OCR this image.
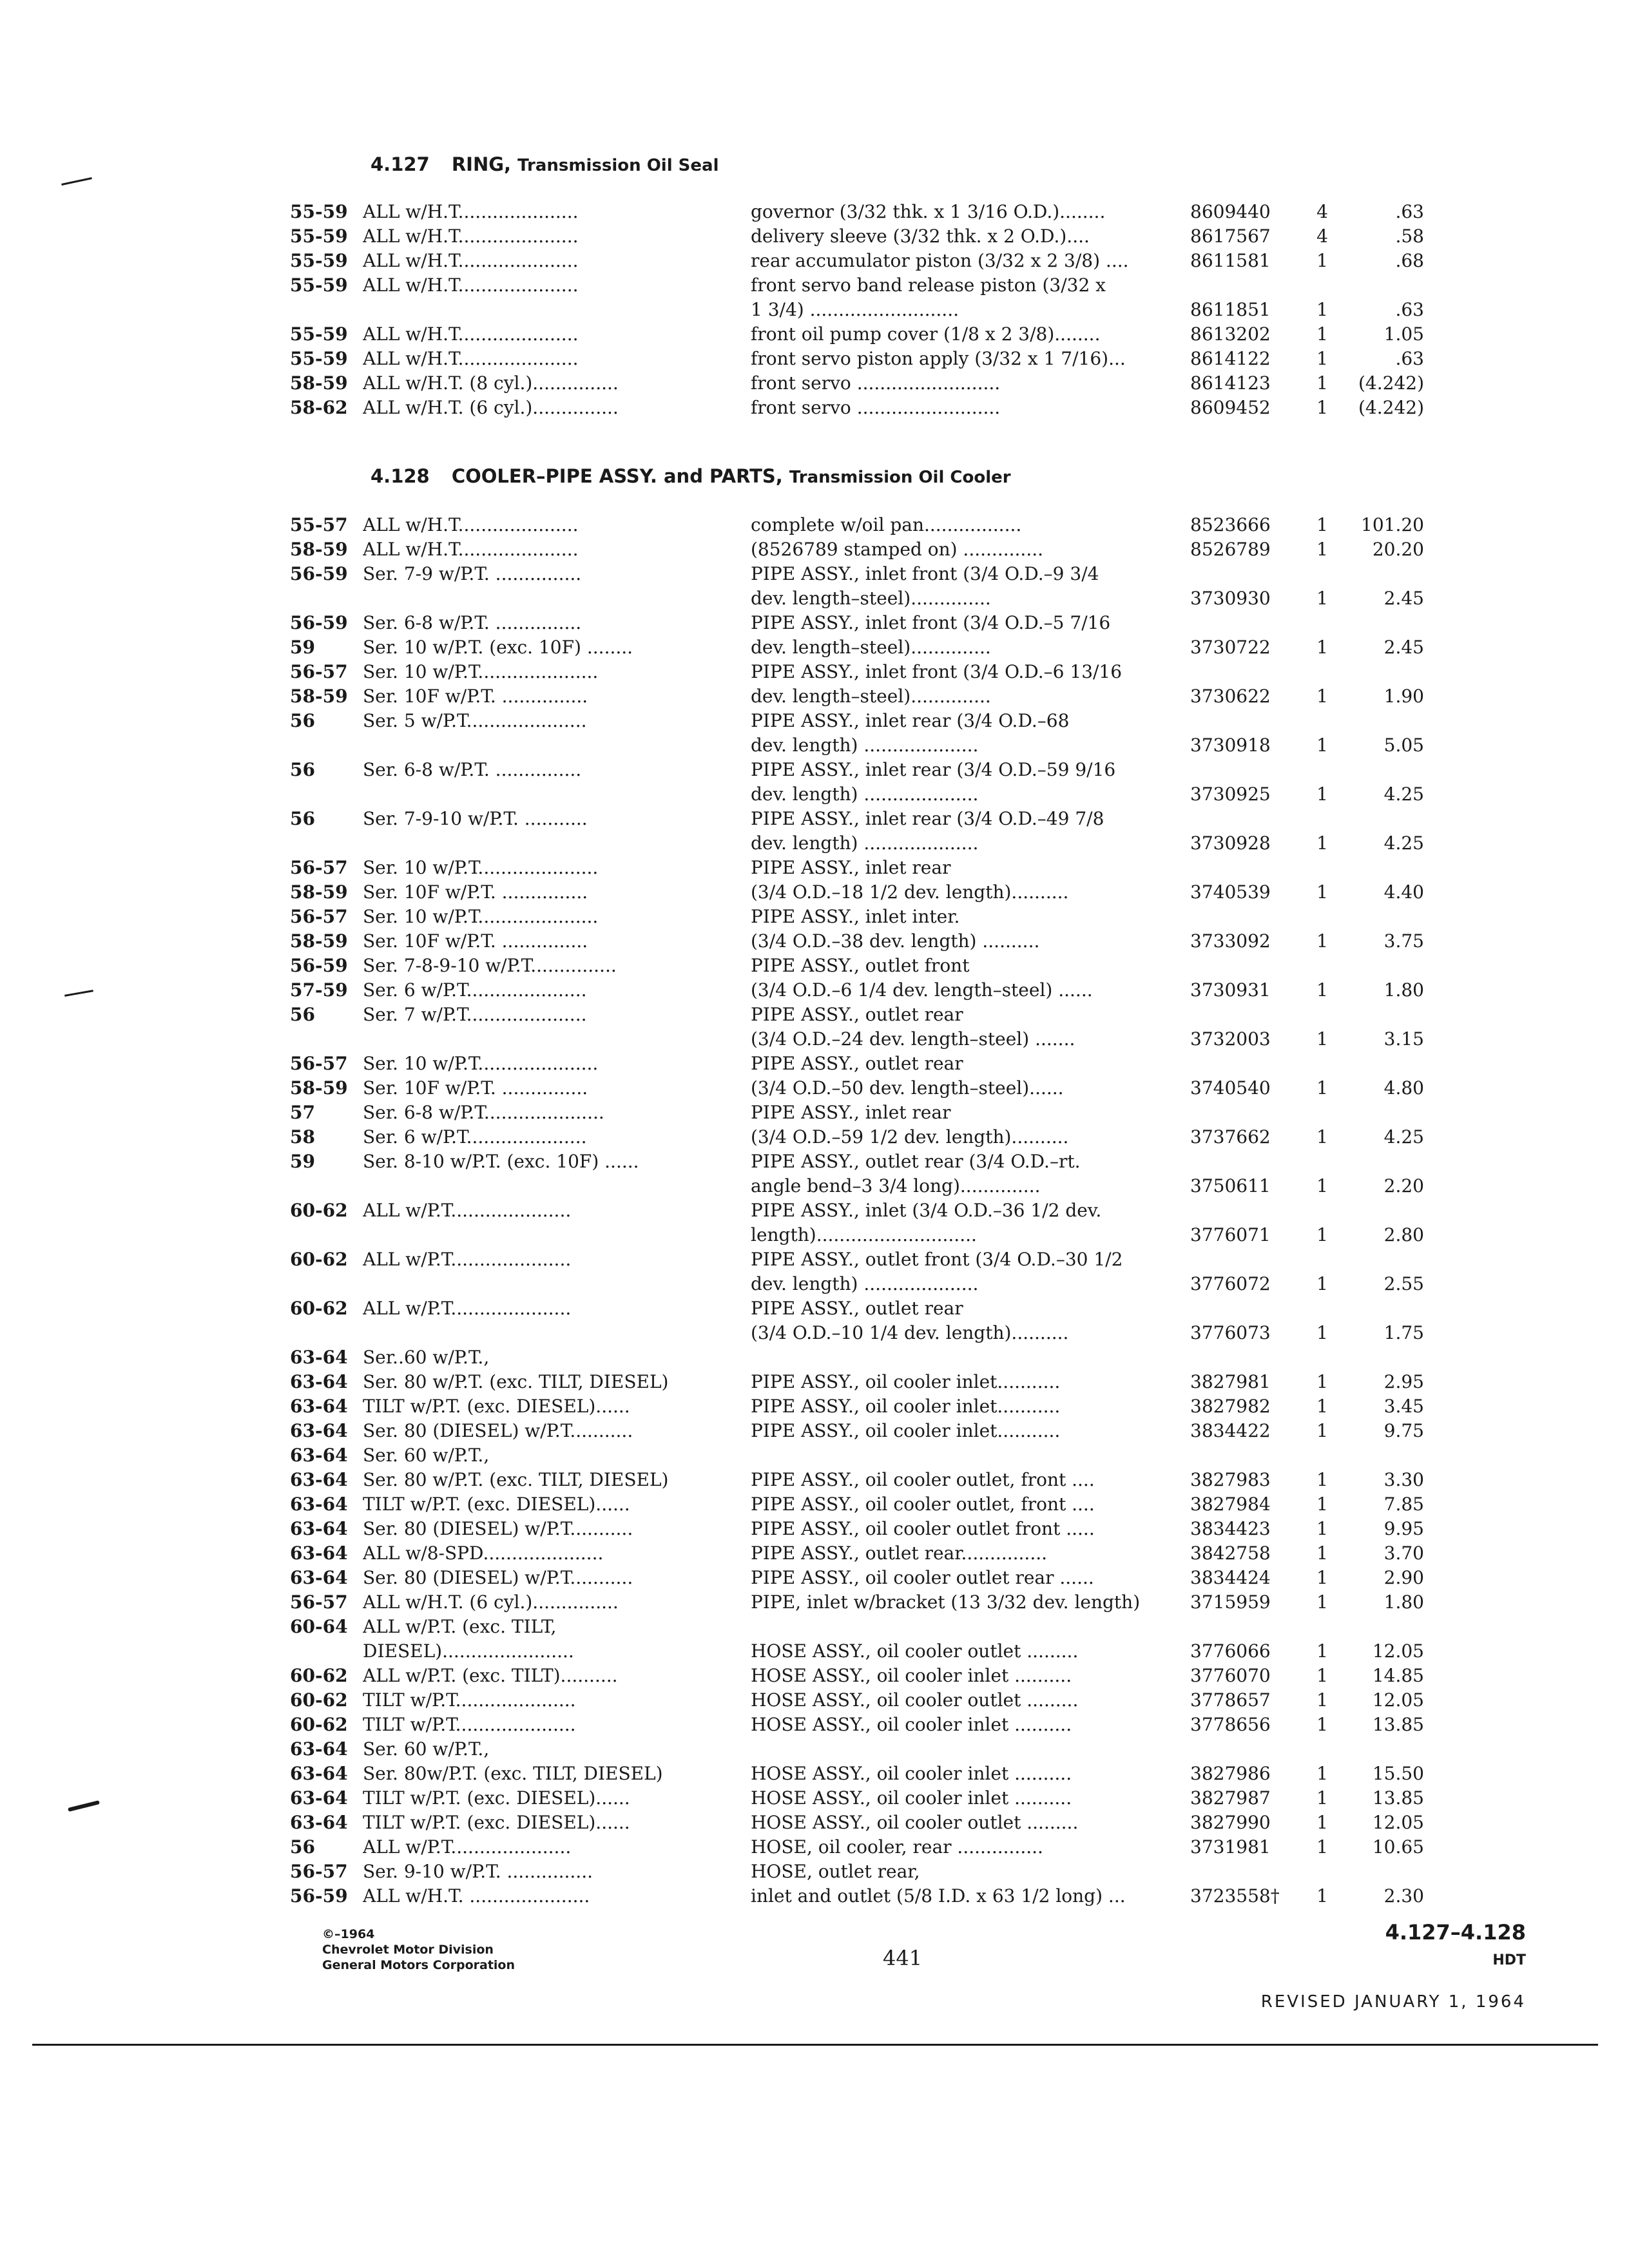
4.127 RING, Transmission Oil Seal
55-59 ALL w/H.T.....................	governor (3/32 thk. x 1 3/16 O.D.)........	8609440	4	.63
55-59 ALL w/H.T.....................	delivery sleeve (3/32 thk. x 2 O.D.)....	8617567	4	.58
55-59 ALL w/H.T.....................	rear accumulator piston (3/32 x 2 3/8) ....	8611581	1	.68
55-59 ALL w/H.T.....................	front servo band release piston (3/32 x
1 3/4) ..........................	8611851	1	.63
55-59 ALL w/H.T.....................	front oil pump cover (1/8 x 2 3/8)........	8613202	1	1.05
55-59 ALL w/H.T.....................	front servo piston apply (3/32 x 1 7/16)...	8614122	1	.63
58-59 ALL w/H.T. (8 cyl.)...............	front servo .........................	8614123	1	(4.242)
58-62 ALL w/H.T. (6 cyl.)...............	front servo .........................	8609452	1	(4.242)
4.128 COOLER–PIPE ASSY. and PARTS, Transmission Oil Cooler
55-57 ALL w/H.T.....................	complete w/oil pan.................	8523666	1	101.20
58-59 ALL w/H.T.....................	(8526789 stamped on) ..............	8526789	1	20.20
56-59 Ser. 7-9 w/P.T. ...............	PIPE ASSY., inlet front (3/4 O.D.–9 3/4
dev. length–steel)..............	3730930	1	2.45
56-59 Ser. 6-8 w/P.T. ...............	PIPE ASSY., inlet front (3/4 O.D.–5 7/16
59	Ser. 10 w/P.T. (exc. 10F) ........	dev. length–steel)..............	3730722	1	2.45
56-57 Ser. 10 w/P.T.....................	PIPE ASSY., inlet front (3/4 O.D.–6 13/16
58-59 Ser. 10F w/P.T. ...............	dev. length–steel)..............	3730622	1	1.90
56	Ser. 5 w/P.T.....................	PIPE ASSY., inlet rear (3/4 O.D.–68
dev. length) ....................	3730918	1	5.05
56	Ser. 6-8 w/P.T. ...............	PIPE ASSY., inlet rear (3/4 O.D.–59 9/16
dev. length) ....................	3730925	1	4.25
56	Ser. 7-9-10 w/P.T. ...........	PIPE ASSY., inlet rear (3/4 O.D.–49 7/8
dev. length) ....................	3730928	1	4.25
56-57 Ser. 10 w/P.T.....................	PIPE ASSY., inlet rear
58-59 Ser. 10F w/P.T. ...............	(3/4 O.D.–18 1/2 dev. length)..........	3740539	1	4.40
56-57 Ser. 10 w/P.T.....................	PIPE ASSY., inlet inter.
58-59 Ser. 10F w/P.T. ...............	(3/4 O.D.–38 dev. length) ..........	3733092	1	3.75
56-59 Ser. 7-8-9-10 w/P.T...............	PIPE ASSY., outlet front
57-59 Ser. 6 w/P.T.....................	(3/4 O.D.–6 1/4 dev. length–steel) ......	3730931	1	1.80
56	Ser. 7 w/P.T.....................	PIPE ASSY., outlet rear
(3/4 O.D.–24 dev. length–steel) .......	3732003	1	3.15
56-57 Ser. 10 w/P.T.....................	PIPE ASSY., outlet rear
58-59 Ser. 10F w/P.T. ...............	(3/4 O.D.–50 dev. length–steel)......	3740540	1	4.80
57	Ser. 6-8 w/P.T.....................	PIPE ASSY., inlet rear
58	Ser. 6 w/P.T.....................	(3/4 O.D.–59 1/2 dev. length)..........	3737662	1	4.25
59	Ser. 8-10 w/P.T. (exc. 10F) ......	PIPE ASSY., outlet rear (3/4 O.D.–rt.
angle bend–3 3/4 long)..............	3750611	1	2.20
60-62 ALL w/P.T.....................	PIPE ASSY., inlet (3/4 O.D.–36 1/2 dev.
length)............................	3776071	1	2.80
60-62 ALL w/P.T.....................	PIPE ASSY., outlet front (3/4 O.D.–30 1/2
dev. length) ....................	3776072	1	2.55
60-62 ALL w/P.T.....................	PIPE ASSY., outlet rear
(3/4 O.D.–10 1/4 dev. length)..........	3776073	1	1.75
63-64 Ser..60 w/P.T.,
63-64 Ser. 80 w/P.T. (exc. TILT, DIESEL)	PIPE ASSY., oil cooler inlet...........	3827981	1	2.95
63-64 TILT w/P.T. (exc. DIESEL)......	PIPE ASSY., oil cooler inlet...........	3827982	1	3.45
63-64 Ser. 80 (DIESEL) w/P.T...........	PIPE ASSY., oil cooler inlet...........	3834422	1	9.75
63-64 Ser. 60 w/P.T.,
63-64 Ser. 80 w/P.T. (exc. TILT, DIESEL)	PIPE ASSY., oil cooler outlet, front ....	3827983	1	3.30
63-64 TILT w/P.T. (exc. DIESEL)......	PIPE ASSY., oil cooler outlet, front ....	3827984	1	7.85
63-64 Ser. 80 (DIESEL) w/P.T...........	PIPE ASSY., oil cooler outlet front .....	3834423	1	9.95
63-64 ALL w/8-SPD.....................	PIPE ASSY., outlet rear...............	3842758	1	3.70
63-64 Ser. 80 (DIESEL) w/P.T...........	PIPE ASSY., oil cooler outlet rear ......	3834424	1	2.90
56-57 ALL w/H.T. (6 cyl.)...............	PIPE, inlet w/bracket (13 3/32 dev. length)	3715959	1	1.80
60-64 ALL w/P.T. (exc. TILT,
DIESEL).......................	HOSE ASSY., oil cooler outlet .........	3776066	1	12.05
60-62 ALL w/P.T. (exc. TILT)..........	HOSE ASSY., oil cooler inlet ..........	3776070	1	14.85
60-62 TILT w/P.T.....................	HOSE ASSY., oil cooler outlet .........	3778657	1	12.05
60-62 TILT w/P.T.....................	HOSE ASSY., oil cooler inlet ..........	3778656	1	13.85
63-64 Ser. 60 w/P.T.,
63-64 Ser. 80w/P.T. (exc. TILT, DIESEL)	HOSE ASSY., oil cooler inlet ..........	3827986	1	15.50
63-64 TILT w/P.T. (exc. DIESEL)......	HOSE ASSY., oil cooler inlet ..........	3827987	1	13.85
63-64 TILT w/P.T. (exc. DIESEL)......	HOSE ASSY., oil cooler outlet .........	3827990	1	12.05
56	ALL w/P.T.....................	HOSE, oil cooler, rear ...............	3731981	1	10.65
56-57 Ser. 9-10 w/P.T. ...............	HOSE, outlet rear,
56-59 ALL w/H.T. .....................	inlet and outlet (5/8 I.D. x 63 1/2 long) ...	3723558†	1	2.30
©–1964
Chevrolet Motor Division
General Motors Corporation	441
4.127–4.128
HDT
REVISED JANUARY 1, 1964
